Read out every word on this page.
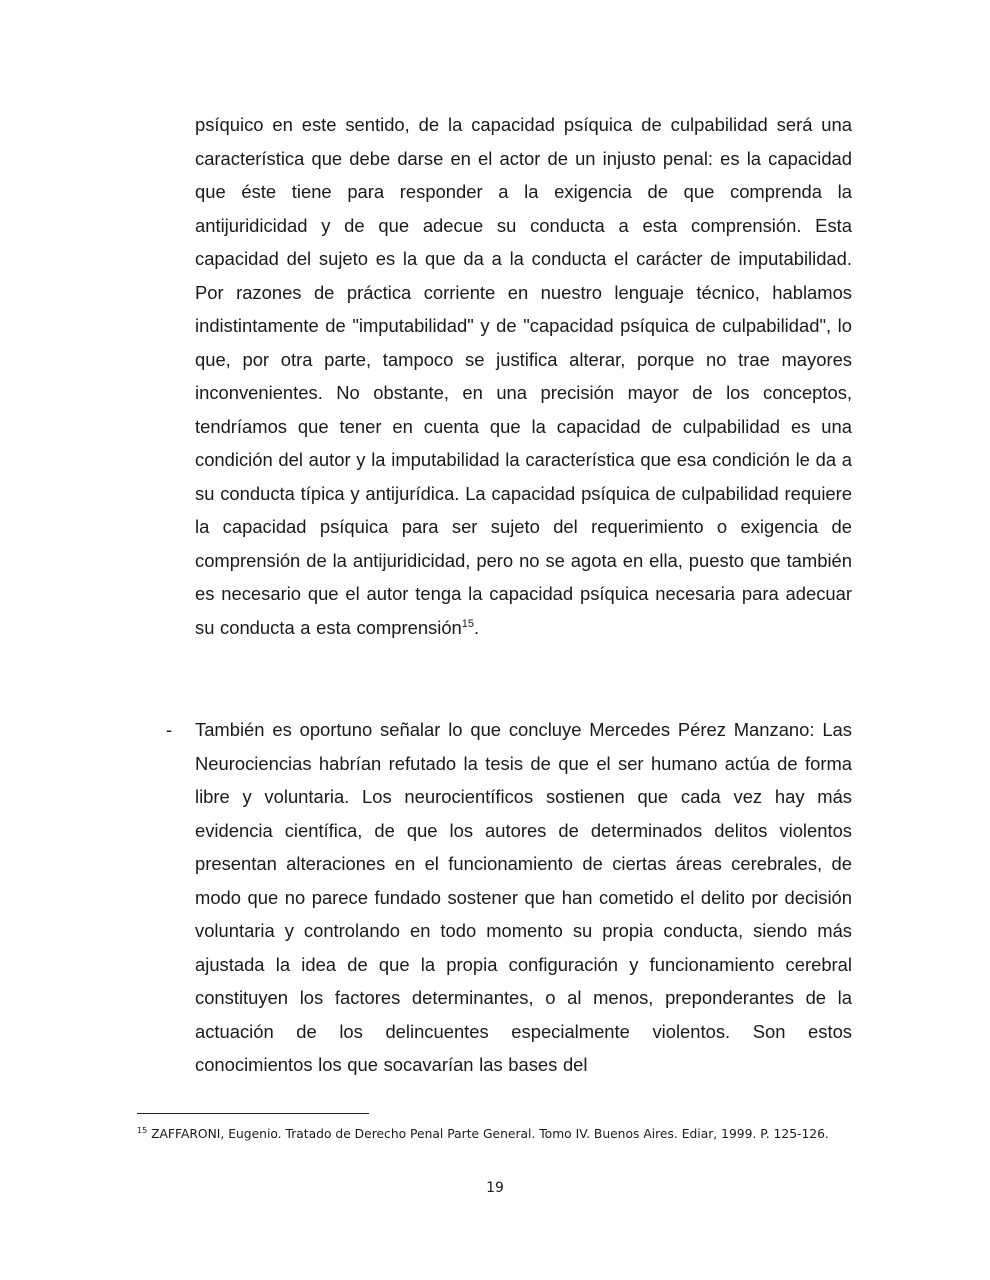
psíquico en este sentido, de la capacidad psíquica de culpabilidad será una característica que debe darse en el actor de un injusto penal: es la capacidad que éste tiene para responder a la exigencia de que comprenda la antijuridicidad y de que adecue su conducta a esta comprensión. Esta capacidad del sujeto es la que da a la conducta el carácter de imputabilidad. Por razones de práctica corriente en nuestro lenguaje técnico, hablamos indistintamente de "imputabilidad" y de "capacidad psíquica de culpabilidad", lo que, por otra parte, tampoco se justifica alterar, porque no trae mayores inconvenientes. No obstante, en una precisión mayor de los conceptos, tendríamos que tener en cuenta que la capacidad de culpabilidad es una condición del autor y la imputabilidad la característica que esa condición le da a su conducta típica y antijurídica. La capacidad psíquica de culpabilidad requiere la capacidad psíquica para ser sujeto del requerimiento o exigencia de comprensión de la antijuridicidad, pero no se agota en ella, puesto que también es necesario que el autor tenga la capacidad psíquica necesaria para adecuar su conducta a esta comprensión$^{15}$.

- También es oportuno señalar lo que concluye Mercedes Pérez Manzano: Las Neurociencias habrían refutado la tesis de que el ser humano actúa de forma libre y voluntaria. Los neurocientíficos sostienen que cada vez hay más evidencia científica, de que los autores de determinados delitos violentos presentan alteraciones en el funcionamiento de ciertas áreas cerebrales, de modo que no parece fundado sostener que han cometido el delito por decisión voluntaria y controlando en todo momento su propia conducta, siendo más ajustada la idea de que la propia configuración y funcionamiento cerebral constituyen los factores determinantes, o al menos, preponderantes de la actuación de los delincuentes especialmente violentos. Son estos conocimientos los que socavarían las bases del

$^{15}$ ZAFFARONI, Eugenio. Tratado de Derecho Penal Parte General. Tomo IV. Buenos Aires. Ediar, 1999. P. 125-126.

19
